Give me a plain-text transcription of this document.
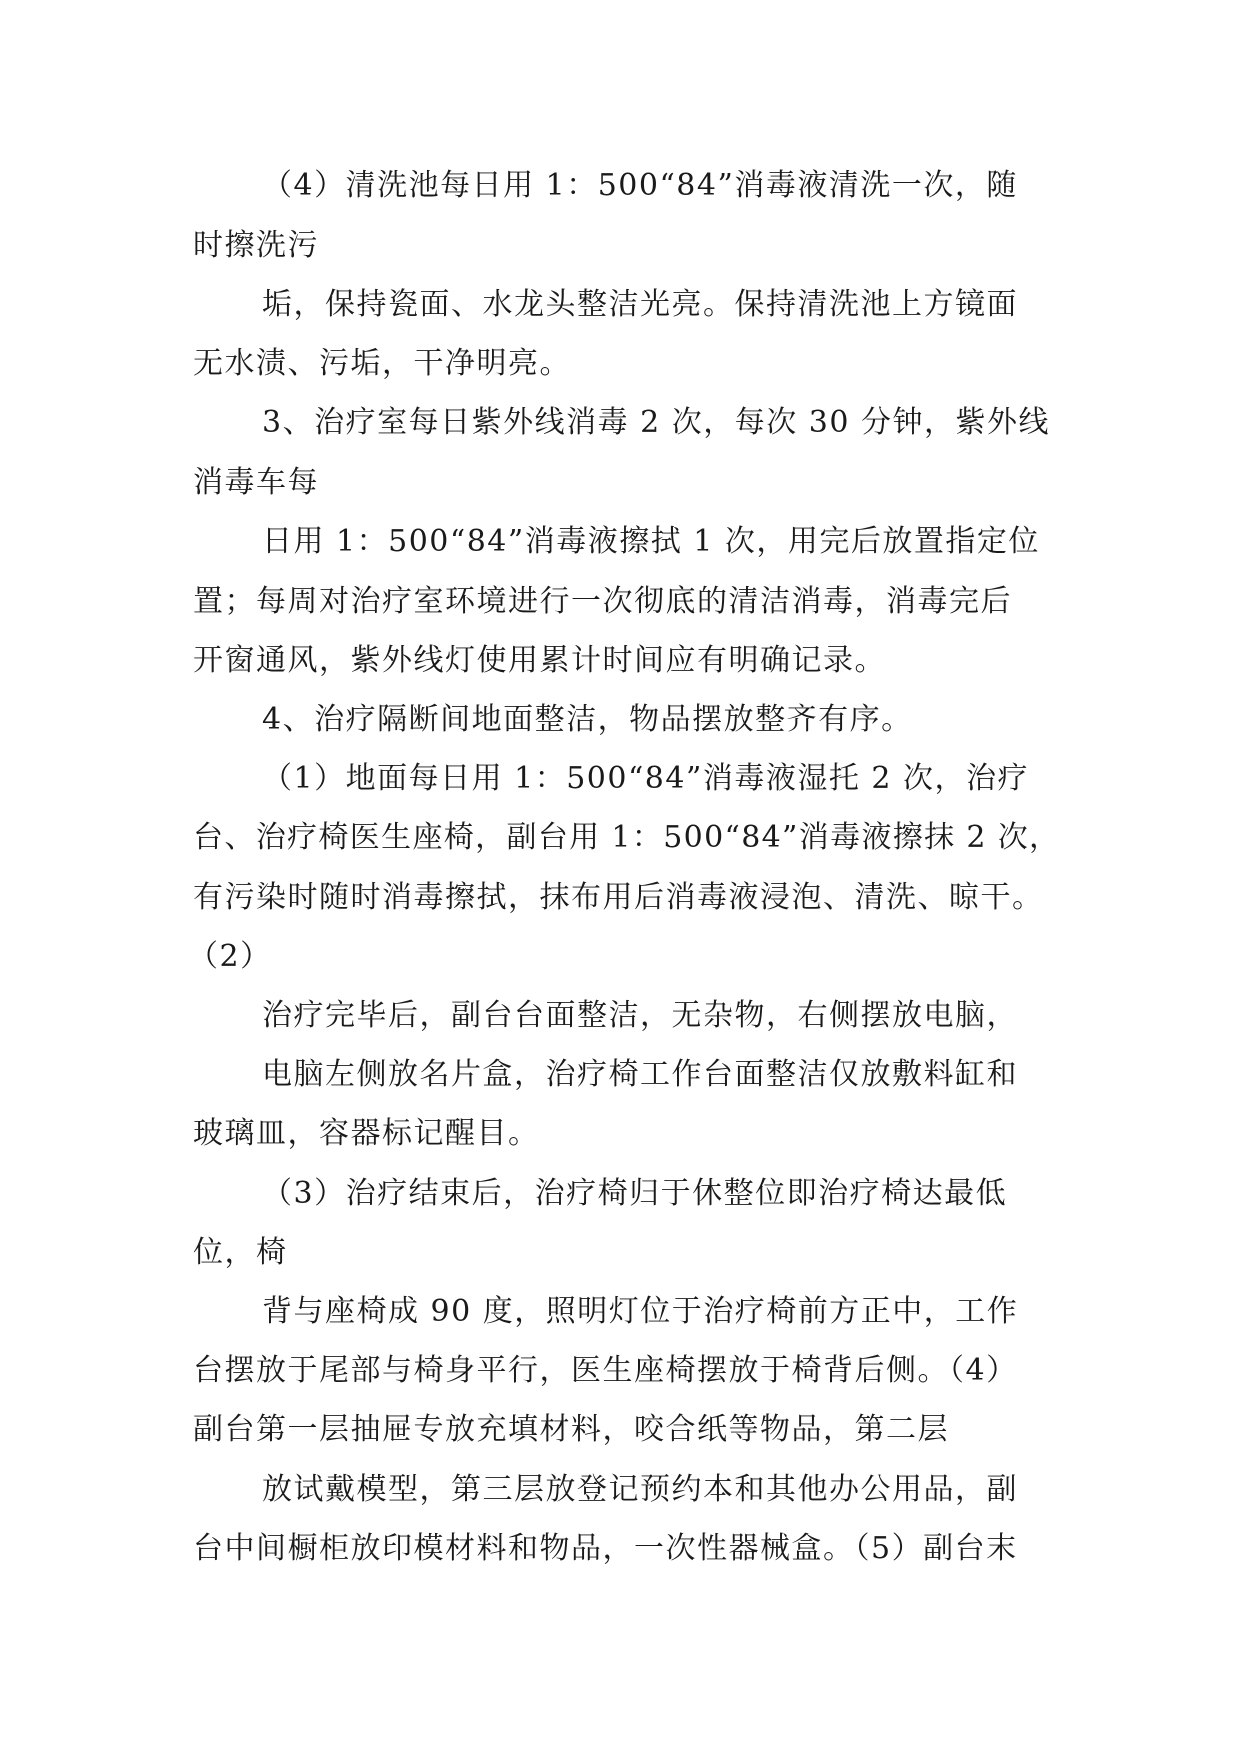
（4）清洗池每日用 1：500“84”消毒液清洗一次，随
时擦洗污
垢，保持瓷面、水龙头整洁光亮。保持清洗池上方镜面
无水渍、污垢，干净明亮。
3、治疗室每日紫外线消毒 2 次，每次 30 分钟，紫外线
消毒车每
日用 1：500“84”消毒液擦拭 1 次，用完后放置指定位
置；每周对治疗室环境进行一次彻底的清洁消毒，消毒完后
开窗通风，紫外线灯使用累计时间应有明确记录。
4、治疗隔断间地面整洁，物品摆放整齐有序。
（1）地面每日用 1：500“84”消毒液湿托 2 次，治疗
台、治疗椅医生座椅，副台用 1：500“84”消毒液擦抹 2 次，
有污染时随时消毒擦拭，抹布用后消毒液浸泡、清洗、晾干。
（2）
治疗完毕后，副台台面整洁，无杂物，右侧摆放电脑，
电脑左侧放名片盒，治疗椅工作台面整洁仅放敷料缸和
玻璃皿，容器标记醒目。
（3）治疗结束后，治疗椅归于休整位即治疗椅达最低
位，椅
背与座椅成 90 度，照明灯位于治疗椅前方正中，工作
台摆放于尾部与椅身平行，医生座椅摆放于椅背后侧。（4）
副台第一层抽屉专放充填材料，咬合纸等物品，第二层
放试戴模型，第三层放登记预约本和其他办公用品，副
台中间橱柜放印模材料和物品，一次性器械盒。（5）副台末
